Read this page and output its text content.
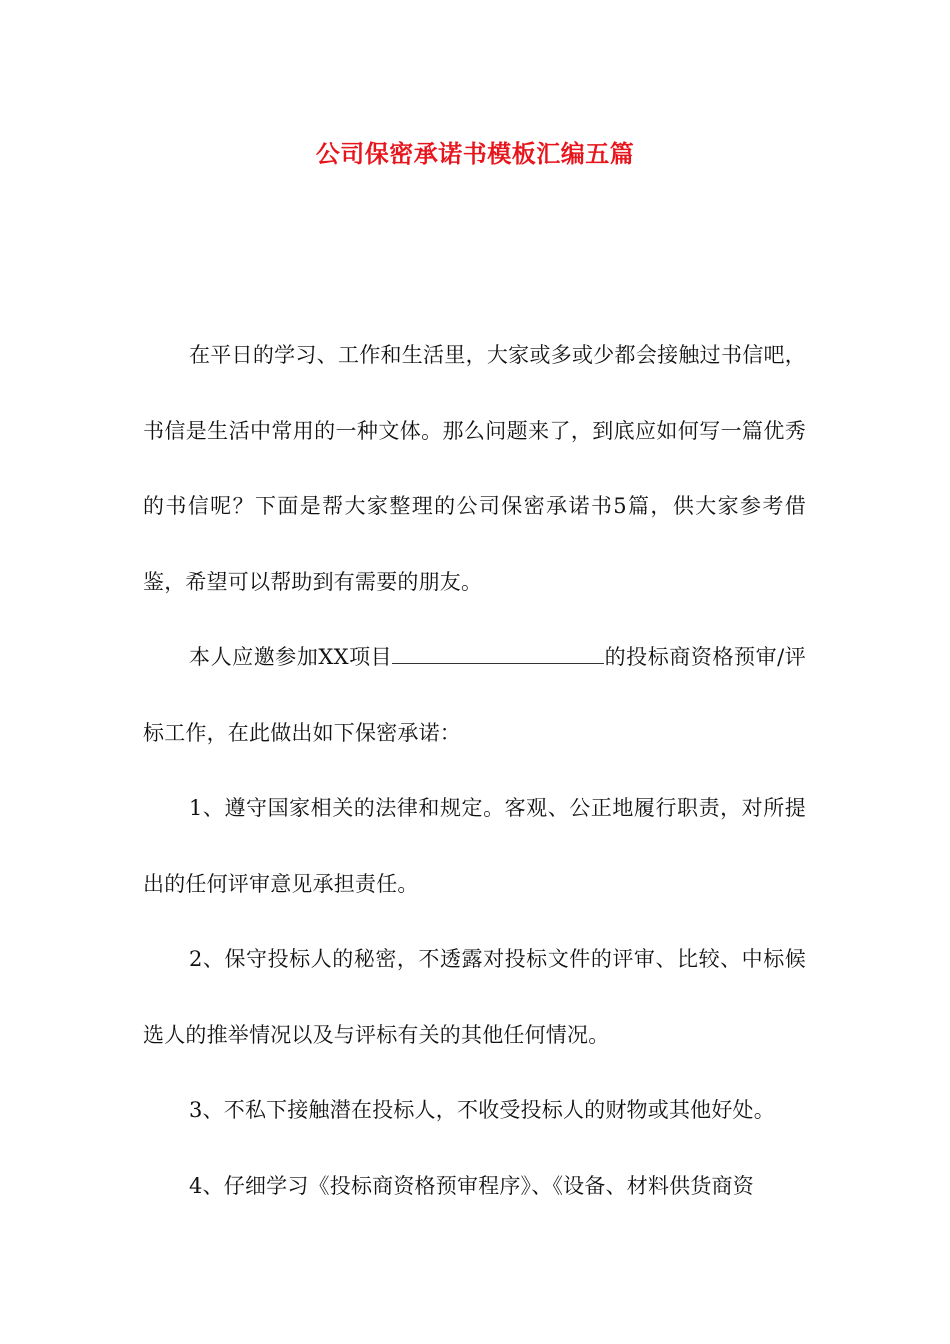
公司保密承诺书模板汇编五篇

在平日的学习、工作和生活里，大家或多或少都会接触过书信吧，书信是生活中常用的一种文体。那么问题来了，到底应如何写一篇优秀的书信呢？下面是帮大家整理的公司保密承诺书5篇，供大家参考借鉴，希望可以帮助到有需要的朋友。

本人应邀参加XX项目	的投标商资格预审/评标工作，在此做出如下保密承诺：

1、遵守国家相关的法律和规定。客观、公正地履行职责，对所提出的任何评审意见承担责任。

2、保守投标人的秘密，不透露对投标文件的评审、比较、中标候选人的推举情况以及与评标有关的其他任何情况。

3、不私下接触潜在投标人，不收受投标人的财物或其他好处。

4、仔细学习《投标商资格预审程序》、《设备、材料供货商资
